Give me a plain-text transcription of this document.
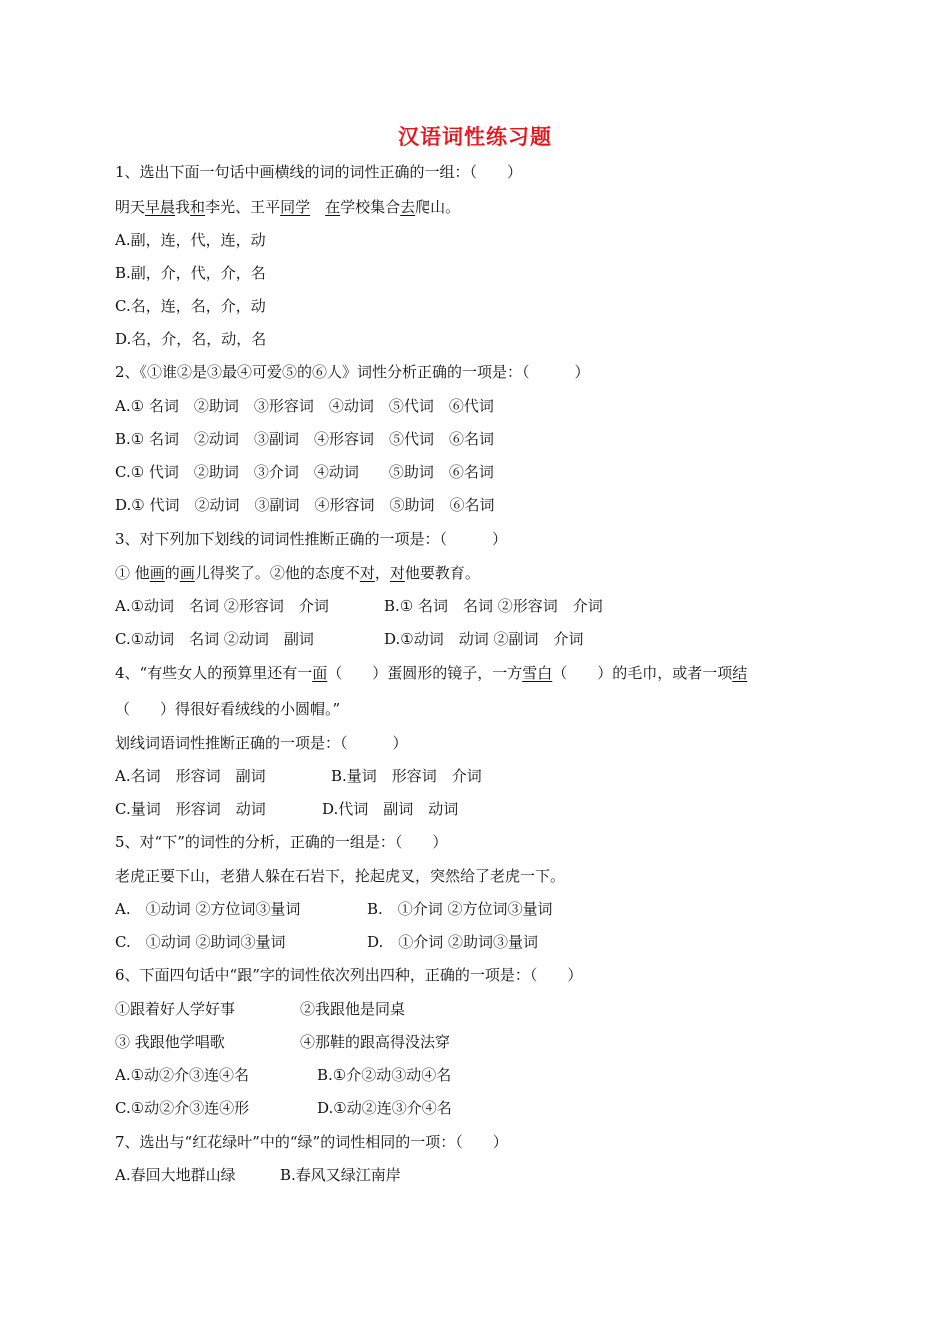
汉语词性练习题
1、选出下面一句话中画横线的词的词性正确的一组：（　　）
明天早晨我和李光、王平同学　 在学校集合去爬山。
A.副，连，代，连，动
B.副，介，代，介，名
C.名，连，名，介，动
D.名，介，名，动，名
2、《①谁②是③最④可爱⑤的⑥人》词性分析正确的一项是：（　　　）
A.① 名词　②助词　③形容词　④动词　⑤代词　⑥代词
B.① 名词　②动词　③副词　④形容词　⑤代词　⑥名词
C.① 代词　②助词　③介词　④动词　　⑤助词　⑥名词
D.① 代词　②动词　③副词　④形容词　⑤助词　⑥名词
3、对下列加下划线的词词性推断正确的一项是：（　　　）
① 他画的画儿得奖了。②他的态度不对，对他要教育。
A.①动词　名词 ②形容词　介词	B.① 名词　名词 ②形容词　介词
C.①动词　名词 ②动词　副词	D.①动词　动词 ②副词　介词
4、“有些女人的预算里还有一面（　　）蛋圆形的镜子，一方雪白（　　）的毛巾，或者一项结
（　　）得很好看绒线的小圆帽。”
划线词语词性推断正确的一项是：（　　　）
A.名词　形容词　副词	B.量词　形容词　介词
C.量词　形容词　动词	D.代词　副词　动词
5、对“下”的词性的分析，正确的一组是：（　　）
老虎正要下山，老猎人躲在石岩下，抡起虎叉，突然给了老虎一下。
A.　①动词 ②方位词③量词	B.　①介词 ②方位词③量词
C.　①动词 ②助词③量词	D.　①介词 ②助词③量词
6、下面四句话中“跟”字的词性依次列出四种，正确的一项是：（　　）
①跟着好人学好事	②我跟他是同桌
③ 我跟他学唱歌	④那鞋的跟高得没法穿
A.①动②介③连④名	B.①介②动③动④名
C.①动②介③连④形	D.①动②连③介④名
7、选出与“红花绿叶”中的“绿”的词性相同的一项：（　　）
A.春回大地群山绿	B.春风又绿江南岸
